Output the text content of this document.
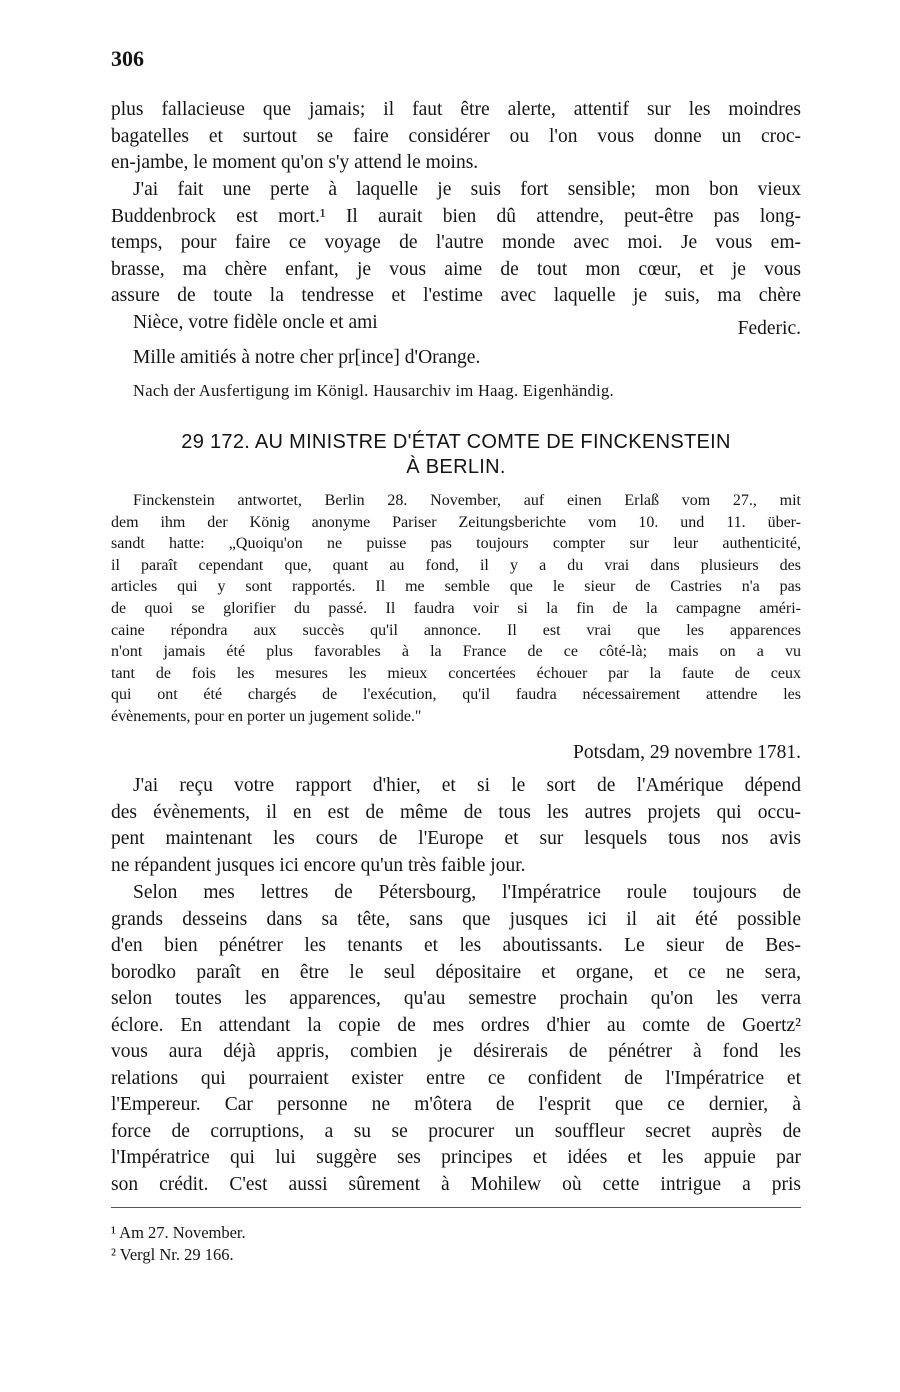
306
plus fallacieuse que jamais; il faut être alerte, attentif sur les moindres
bagatelles et surtout se faire considérer ou l'on vous donne un croc-
en-jambe, le moment qu'on s'y attend le moins.
J'ai fait une perte à laquelle je suis fort sensible; mon bon vieux
Buddenbrock est mort.¹ Il aurait bien dû attendre, peut-être pas long-
temps, pour faire ce voyage de l'autre monde avec moi. Je vous em-
brasse, ma chère enfant, je vous aime de tout mon cœur, et je vous
assure de toute la tendresse et l'estime avec laquelle je suis, ma chère
Nièce, votre fidèle oncle et ami	Federic.
Mille amitiés à notre cher pr[ince] d'Orange.
Nach der Ausfertigung im Königl. Hausarchiv im Haag. Eigenhändig.
29 172. AU MINISTRE D'ÉTAT COMTE DE FINCKENSTEIN
À BERLIN.
Finckenstein antwortet, Berlin 28. November, auf einen Erlaß vom 27., mit
dem ihm der König anonyme Pariser Zeitungsberichte vom 10. und 11. über-
sandt hatte: „Quoiqu'on ne puisse pas toujours compter sur leur authenticité,
il paraît cependant que, quant au fond, il y a du vrai dans plusieurs des
articles qui y sont rapportés. Il me semble que le sieur de Castries n'a pas
de quoi se glorifier du passé. Il faudra voir si la fin de la campagne améri-
caine répondra aux succès qu'il annonce. Il est vrai que les apparences
n'ont jamais été plus favorables à la France de ce côté-là; mais on a vu
tant de fois les mesures les mieux concertées échouer par la faute de ceux
qui ont été chargés de l'exécution, qu'il faudra nécessairement attendre les
évènements, pour en porter un jugement solide."
Potsdam, 29 novembre 1781.
J'ai reçu votre rapport d'hier, et si le sort de l'Amérique dépend
des évènements, il en est de même de tous les autres projets qui occu-
pent maintenant les cours de l'Europe et sur lesquels tous nos avis
ne répandent jusques ici encore qu'un très faible jour.
Selon mes lettres de Pétersbourg, l'Impératrice roule toujours de
grands desseins dans sa tête, sans que jusques ici il ait été possible
d'en bien pénétrer les tenants et les aboutissants. Le sieur de Bes-
borodko paraît en être le seul dépositaire et organe, et ce ne sera,
selon toutes les apparences, qu'au semestre prochain qu'on les verra
éclore. En attendant la copie de mes ordres d'hier au comte de Goertz²
vous aura déjà appris, combien je désirerais de pénétrer à fond les
relations qui pourraient exister entre ce confident de l'Impératrice et
l'Empereur. Car personne ne m'ôtera de l'esprit que ce dernier, à
force de corruptions, a su se procurer un souffleur secret auprès de
l'Impératrice qui lui suggère ses principes et idées et les appuie par
son crédit. C'est aussi sûrement à Mohilew où cette intrigue a pris
¹ Am 27. November.
² Vergl Nr. 29 166.
